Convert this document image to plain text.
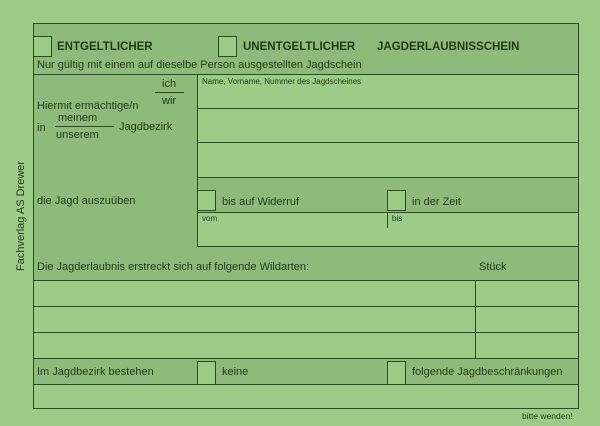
ENTGELTLICHER	UNENTGELTLICHER JAGDERLAUBNISSCHEIN
Nur gültig mit einem auf dieselbe Person ausgestellten Jagdschein
Hiermit ermächtige/n
ich
wir
in
meinem
unserem
Jagdbezirk
Name, Vorname, Nummer des Jagdscheines
die Jagd auszuüben	bis auf Widerruf	in der Zeit
vom	bis
Die Jagderlaubnis erstreckt sich auf folgende Wildarten:	Stück
Im Jagdbezirk bestehen	keine	folgende Jagdbeschränkungen
bitte wenden!
Fachverlag AS Drewer
